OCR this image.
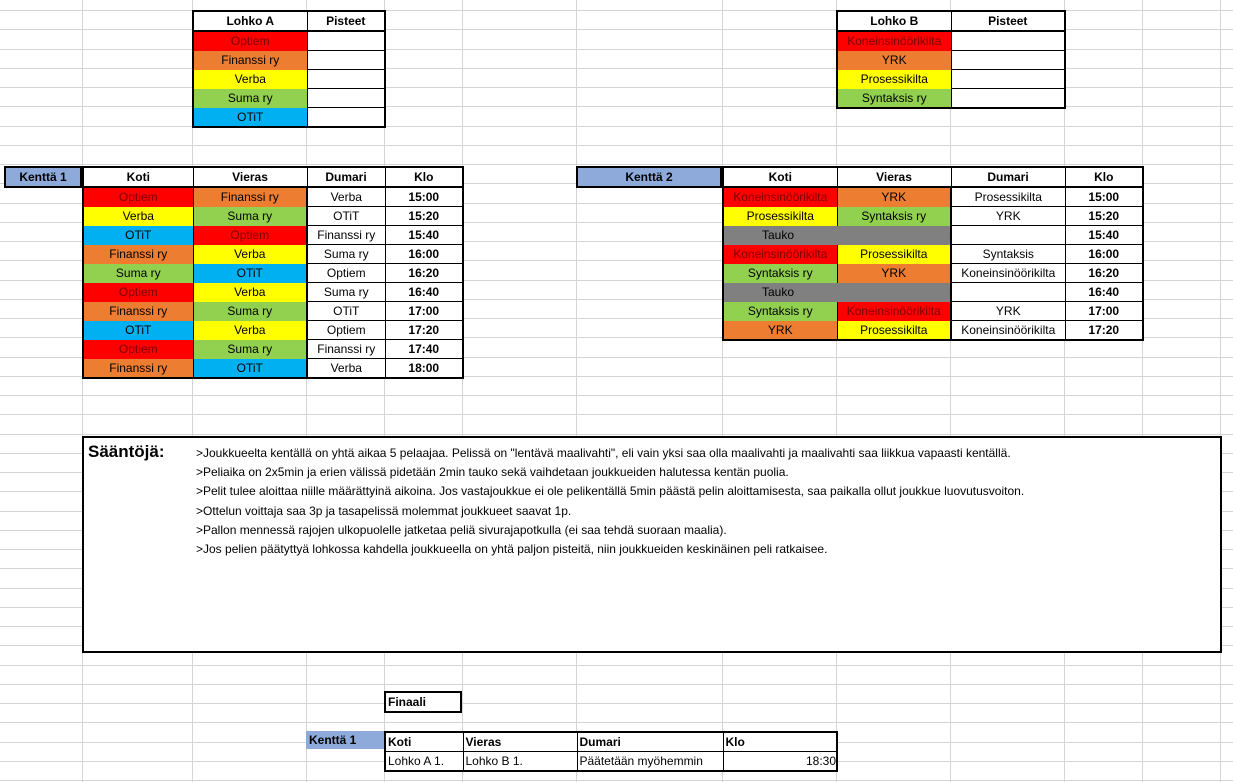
Lohko A	Pisteet
Optiem	
Finanssi ry	
Verba	
Suma ry	
OTiT	
Lohko B	Pisteet
Koneinsinöörikilta	
YRK	
Prosessikilta	
Syntaksis ry	
Kenttä 1	Koti	Vieras	Dumari	Klo
Optiem	Finanssi ry	Verba	15:00
Verba	Suma ry	OTiT	15:20
OTiT	Optiem	Finanssi ry	15:40
Finanssi ry	Verba	Suma ry	16:00
Suma ry	OTiT	Optiem	16:20
Optiem	Verba	Suma ry	16:40
Finanssi ry	Suma ry	OTiT	17:00
OTiT	Verba	Optiem	17:20
Optiem	Suma ry	Finanssi ry	17:40
Finanssi ry	OTiT	Verba	18:00
Kenttä 2	Koti	Vieras	Dumari	Klo
Koneinsinöörikilta	YRK	Prosessikilta	15:00
Prosessikilta	Syntaksis ry	YRK	15:20
Tauko			15:40
Koneinsinöörikilta	Prosessikilta	Syntaksis	16:00
Syntaksis ry	YRK	Koneinsinöörikilta	16:20
Tauko			16:40
Syntaksis ry	Koneinsinöörikilta	YRK	17:00
YRK	Prosessikilta	Koneinsinöörikilta	17:20
Sääntöjä:	>Joukkueelta kentällä on yhtä aikaa 5 pelaajaa. Pelissä on "lentävä maalivahti", eli vain yksi saa olla maalivahti ja maalivahti saa liikkua vapaasti kentällä.
>Peliaika on 2x5min ja erien välissä pidetään 2min tauko sekä vaihdetaan joukkueiden halutessa kentän puolia.
>Pelit tulee aloittaa niille määrättyinä aikoina. Jos vastajoukkue ei ole pelikentällä 5min päästä pelin aloittamisesta, saa paikalla ollut joukkue luovutusvoiton.
>Ottelun voittaja saa 3p ja tasapelissä molemmat joukkueet saavat 1p.
>Pallon mennessä rajojen ulkopuolelle jatketaa peliä sivurajapotkulla (ei saa tehdä suoraan maalia).
>Jos pelien päätyttyä lohkossa kahdella joukkueella on yhtä paljon pisteitä, niin joukkueiden keskinäinen peli ratkaisee.
Finaali
Kenttä 1	Koti	Vieras	Dumari	Klo
Lohko A 1.	Lohko B 1.	Päätetään myöhemmin	18:30
